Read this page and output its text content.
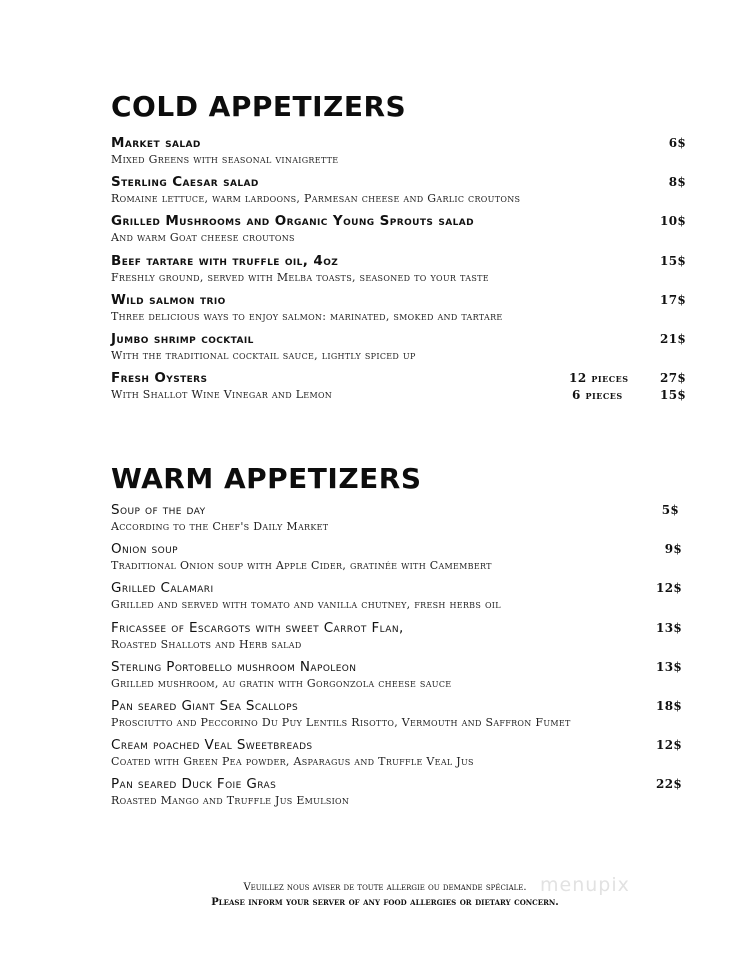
COLD APPETIZERS
Market salad	6$
Mixed Greens with seasonal vinaigrette
Sterling Caesar salad	8$
Romaine lettuce, warm lardoons, Parmesan cheese and Garlic croutons
Grilled Mushrooms and Organic Young Sprouts salad	10$
And warm Goat cheese croutons
Beef tartare with truffle oil, 4oz	15$
Freshly ground, served with Melba toasts, seasoned to your taste
Wild salmon trio	17$
Three delicious ways to enjoy salmon: marinated, smoked and tartare
Jumbo shrimp cocktail	21$
With the traditional cocktail sauce, lightly spiced up
Fresh Oysters	12 pieces	27$
With Shallot Wine Vinegar and Lemon	6 pieces	15$
WARM APPETIZERS
Soup of the day	5$
According to the Chef's Daily Market
Onion soup	9$
Traditional Onion soup with Apple Cider, gratinée with Camembert
Grilled Calamari	12$
Grilled and served with tomato and vanilla chutney, fresh herbs oil
Fricassee of Escargots with sweet Carrot Flan,	13$
Roasted Shallots and Herb salad
Sterling Portobello mushroom Napoleon	13$
Grilled mushroom, au gratin with Gorgonzola cheese sauce
Pan seared Giant Sea Scallops	18$
Prosciutto and Peccorino Du Puy Lentils Risotto, Vermouth and Saffron Fumet
Cream poached Veal Sweetbreads	12$
Coated with Green Pea powder, Asparagus and Truffle Veal Jus
Pan seared Duck Foie Gras	22$
Roasted Mango and Truffle Jus Emulsion
menupix
Veuillez nous aviser de toute allergie ou demande spéciale.
Please inform your server of any food allergies or dietary concern.
